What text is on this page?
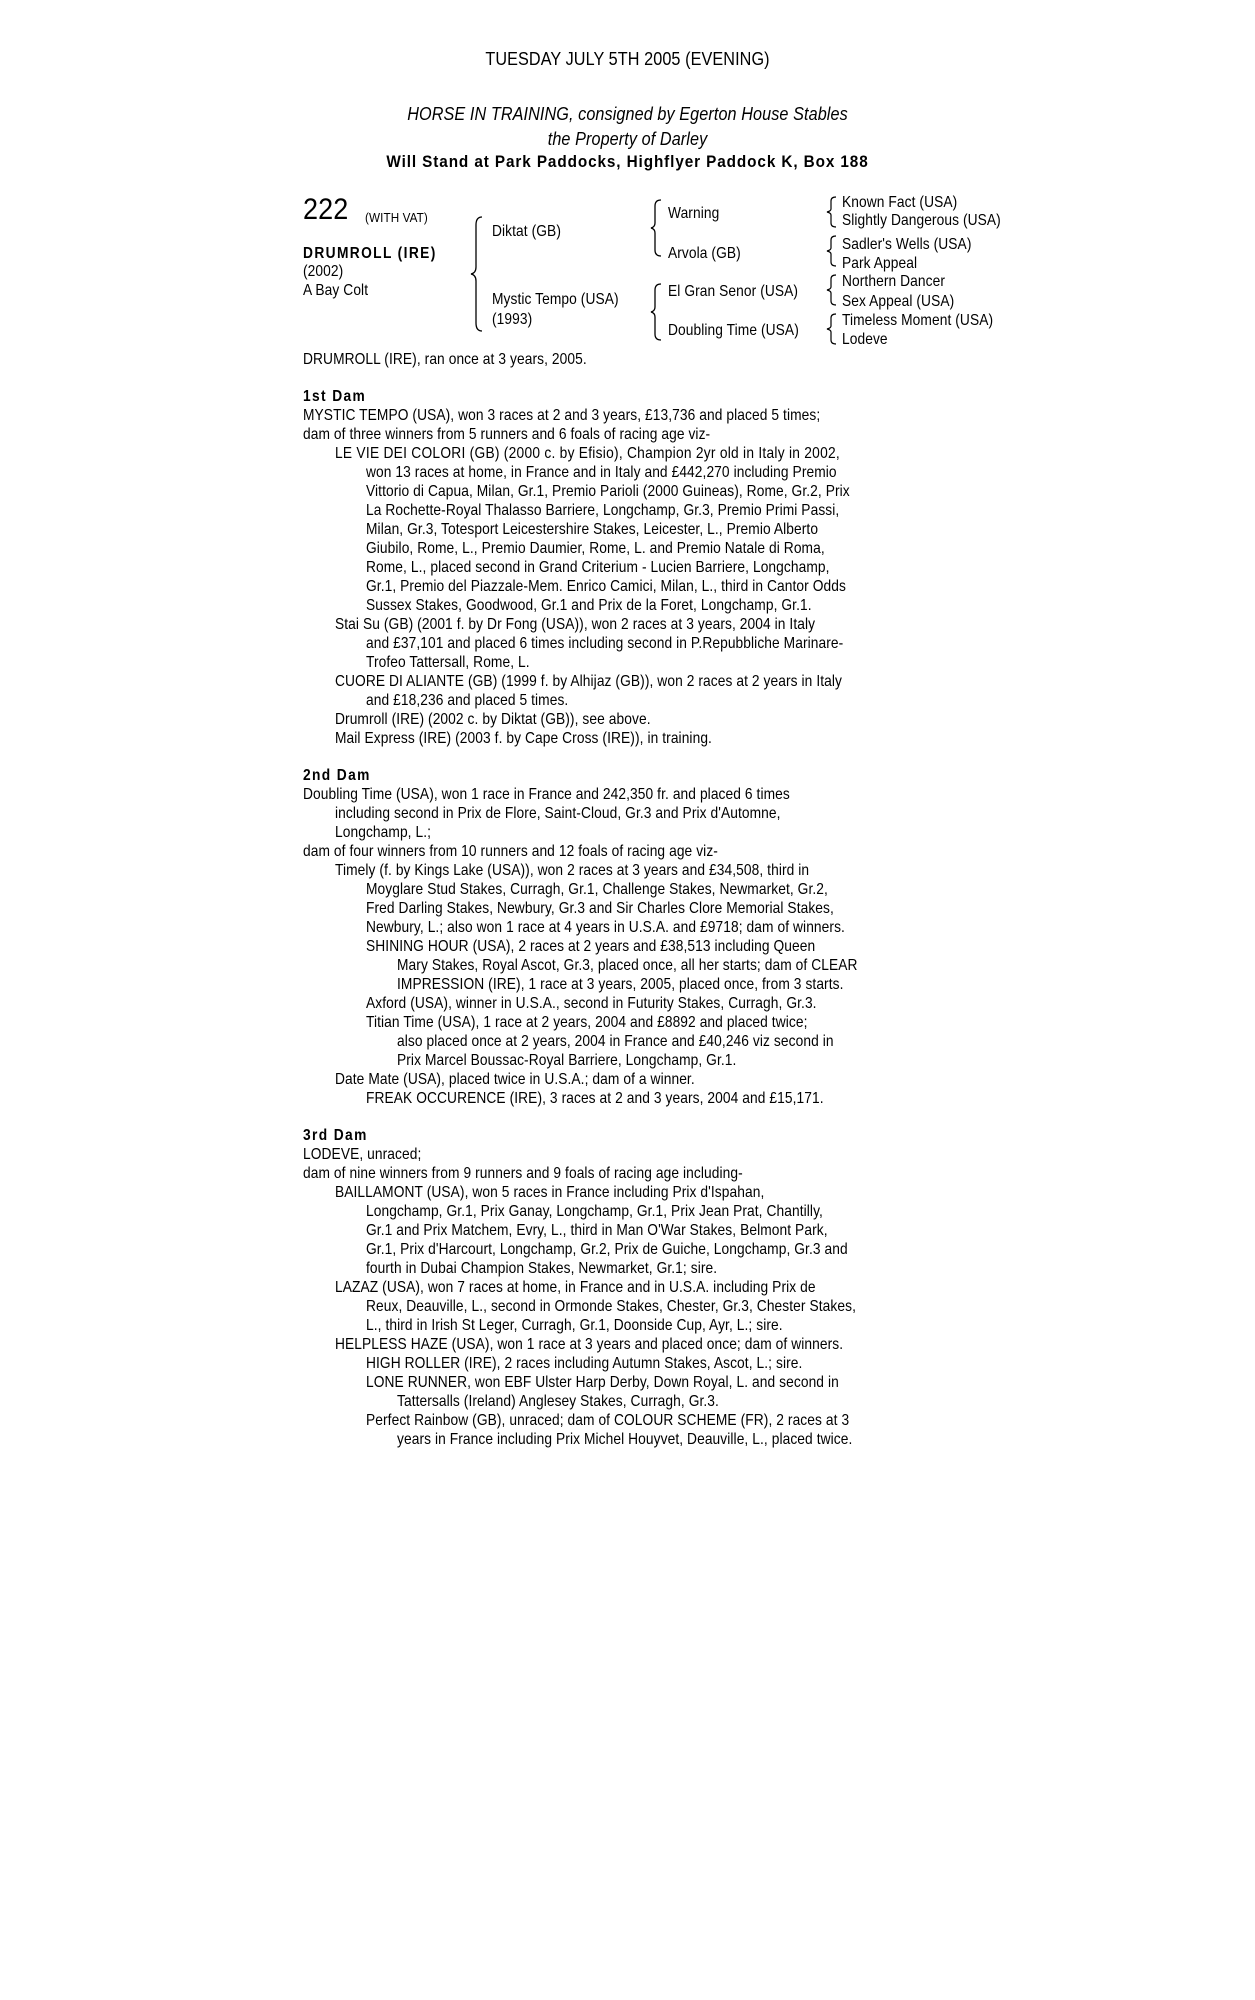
TUESDAY JULY 5TH 2005 (EVENING)
HORSE IN TRAINING, consigned by Egerton House Stables
the Property of Darley
Will Stand at Park Paddocks, Highflyer Paddock K, Box 188
222 (WITH VAT)
DRUMROLL (IRE)
(2002)
A Bay Colt
Diktat (GB)
Mystic Tempo (USA)
(1993)
Warning
Arvola (GB)
El Gran Senor (USA)
Doubling Time (USA)
Known Fact (USA)
Slightly Dangerous (USA)
Sadler's Wells (USA)
Park Appeal
Northern Dancer
Sex Appeal (USA)
Timeless Moment (USA)
Lodeve
DRUMROLL (IRE), ran once at 3 years, 2005.
1st Dam
MYSTIC TEMPO (USA), won 3 races at 2 and 3 years, £13,736 and placed 5 times;
dam of three winners from 5 runners and 6 foals of racing age viz-
LE VIE DEI COLORI (GB) (2000 c. by Efisio), Champion 2yr old in Italy in 2002,
won 13 races at home, in France and in Italy and £442,270 including Premio
Vittorio di Capua, Milan, Gr.1, Premio Parioli (2000 Guineas), Rome, Gr.2, Prix
La Rochette-Royal Thalasso Barriere, Longchamp, Gr.3, Premio Primi Passi,
Milan, Gr.3, Totesport Leicestershire Stakes, Leicester, L., Premio Alberto
Giubilo, Rome, L., Premio Daumier, Rome, L. and Premio Natale di Roma,
Rome, L., placed second in Grand Criterium - Lucien Barriere, Longchamp,
Gr.1, Premio del Piazzale-Mem. Enrico Camici, Milan, L., third in Cantor Odds
Sussex Stakes, Goodwood, Gr.1 and Prix de la Foret, Longchamp, Gr.1.
Stai Su (GB) (2001 f. by Dr Fong (USA)), won 2 races at 3 years, 2004 in Italy
and £37,101 and placed 6 times including second in P.Repubbliche Marinare-
Trofeo Tattersall, Rome, L.
CUORE DI ALIANTE (GB) (1999 f. by Alhijaz (GB)), won 2 races at 2 years in Italy
and £18,236 and placed 5 times.
Drumroll (IRE) (2002 c. by Diktat (GB)), see above.
Mail Express (IRE) (2003 f. by Cape Cross (IRE)), in training.
2nd Dam
Doubling Time (USA), won 1 race in France and 242,350 fr. and placed 6 times
including second in Prix de Flore, Saint-Cloud, Gr.3 and Prix d'Automne,
Longchamp, L.;
dam of four winners from 10 runners and 12 foals of racing age viz-
Timely (f. by Kings Lake (USA)), won 2 races at 3 years and £34,508, third in
Moyglare Stud Stakes, Curragh, Gr.1, Challenge Stakes, Newmarket, Gr.2,
Fred Darling Stakes, Newbury, Gr.3 and Sir Charles Clore Memorial Stakes,
Newbury, L.; also won 1 race at 4 years in U.S.A. and £9718; dam of winners.
SHINING HOUR (USA), 2 races at 2 years and £38,513 including Queen
Mary Stakes, Royal Ascot, Gr.3, placed once, all her starts; dam of CLEAR
IMPRESSION (IRE), 1 race at 3 years, 2005, placed once, from 3 starts.
Axford (USA), winner in U.S.A., second in Futurity Stakes, Curragh, Gr.3.
Titian Time (USA), 1 race at 2 years, 2004 and £8892 and placed twice;
also placed once at 2 years, 2004 in France and £40,246 viz second in
Prix Marcel Boussac-Royal Barriere, Longchamp, Gr.1.
Date Mate (USA), placed twice in U.S.A.; dam of a winner.
FREAK OCCURENCE (IRE), 3 races at 2 and 3 years, 2004 and £15,171.
3rd Dam
LODEVE, unraced;
dam of nine winners from 9 runners and 9 foals of racing age including-
BAILLAMONT (USA), won 5 races in France including Prix d'Ispahan,
Longchamp, Gr.1, Prix Ganay, Longchamp, Gr.1, Prix Jean Prat, Chantilly,
Gr.1 and Prix Matchem, Evry, L., third in Man O'War Stakes, Belmont Park,
Gr.1, Prix d'Harcourt, Longchamp, Gr.2, Prix de Guiche, Longchamp, Gr.3 and
fourth in Dubai Champion Stakes, Newmarket, Gr.1; sire.
LAZAZ (USA), won 7 races at home, in France and in U.S.A. including Prix de
Reux, Deauville, L., second in Ormonde Stakes, Chester, Gr.3, Chester Stakes,
L., third in Irish St Leger, Curragh, Gr.1, Doonside Cup, Ayr, L.; sire.
HELPLESS HAZE (USA), won 1 race at 3 years and placed once; dam of winners.
HIGH ROLLER (IRE), 2 races including Autumn Stakes, Ascot, L.; sire.
LONE RUNNER, won EBF Ulster Harp Derby, Down Royal, L. and second in
Tattersalls (Ireland) Anglesey Stakes, Curragh, Gr.3.
Perfect Rainbow (GB), unraced; dam of COLOUR SCHEME (FR), 2 races at 3
years in France including Prix Michel Houyvet, Deauville, L., placed twice.
